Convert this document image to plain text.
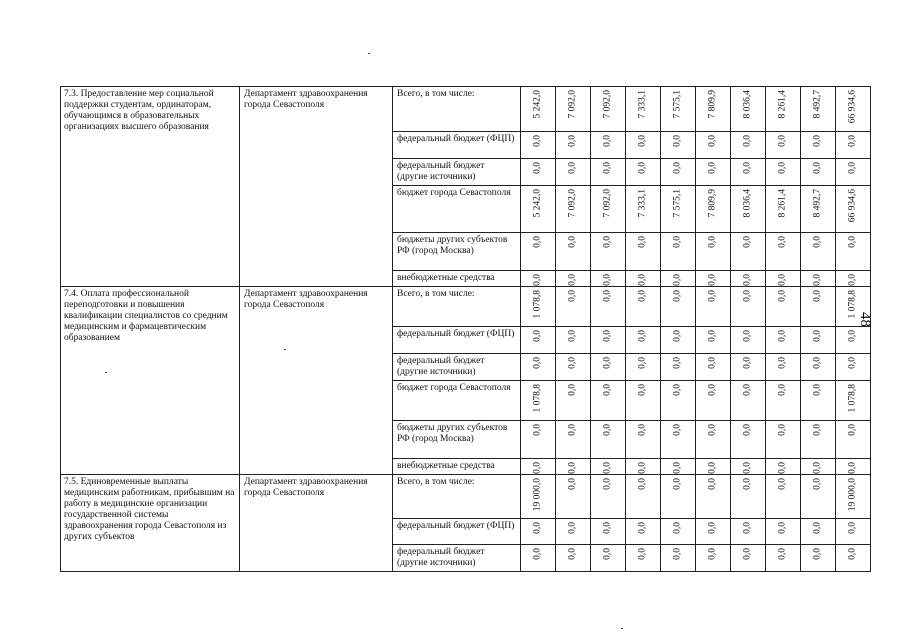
48
7.3. Предоставление мер социальной поддержки студентам, ординаторам, обучающимся в образовательных организациях высшего образования	Департамент здравоохранения города Севастополя	Всего, в том числе:	5 242,0	7 092,0	7 092,0	7 333,1	7 575,1	7 809,9	8 036,4	8 261,4	8 492,7	66 934,6

		федеральный бюджет (ФЦП)	0,0	0,0	0,0	0,0	0,0	0,0	0,0	0,0	0,0	0,0

		федеральный бюджет (другие источники)	0,0	0,0	0,0	0,0	0,0	0,0	0,0	0,0	0,0	0,0

		бюджет города Севастополя	5 242,0	7 092,0	7 092,0	7 333,1	7 575,1	7 809,9	8 036,4	8 261,4	8 492,7	66 934,6

		бюджеты других субъектов РФ (город Москва)	0,0	0,0	0,0	0,0	0,0	0,0	0,0	0,0	0,0	0,0

		внебюджетные средства	0,0	0,0	0,0	0,0	0,0	0,0	0,0	0,0	0,0	0,0

7.4. Оплата профессиональной переподготовки и повышения квалификации специалистов со средним медицинским и фармацевтическим образованием	Департамент здравоохранения города Севастополя	Всего, в том числе:	1 078,8	0,0	0,0	0,0	0,0	0,0	0,0	0,0	0,0	1 078,8

		федеральный бюджет (ФЦП)	0,0	0,0	0,0	0,0	0,0	0,0	0,0	0,0	0,0	0,0

		федеральный бюджет (другие источники)	0,0	0,0	0,0	0,0	0,0	0,0	0,0	0,0	0,0	0,0

		бюджет города Севастополя	1 078,8	0,0	0,0	0,0	0,0	0,0	0,0	0,0	0,0	1 078,8

		бюджеты других субъектов РФ (город Москва)	0,0	0,0	0,0	0,0	0,0	0,0	0,0	0,0	0,0	0,0

		внебюджетные средства	0,0	0,0	0,0	0,0	0,0	0,0	0,0	0,0	0,0	0,0

7.5. Единовременные выплаты медицинским работникам, прибывшим на работу в медицинские организации государственной системы здравоохранения города Севастополя из других субъектов	Департамент здравоохранения города Севастополя	Всего, в том числе:	19 000,0	0,0	0,0	0,0	0,0	0,0	0,0	0,0	0,0	19 000,0

		федеральный бюджет (ФЦП)	0,0	0,0	0,0	0,0	0,0	0,0	0,0	0,0	0,0	0,0

		федеральный бюджет (другие источники)	0,0	0,0	0,0	0,0	0,0	0,0	0,0	0,0	0,0	0,0
